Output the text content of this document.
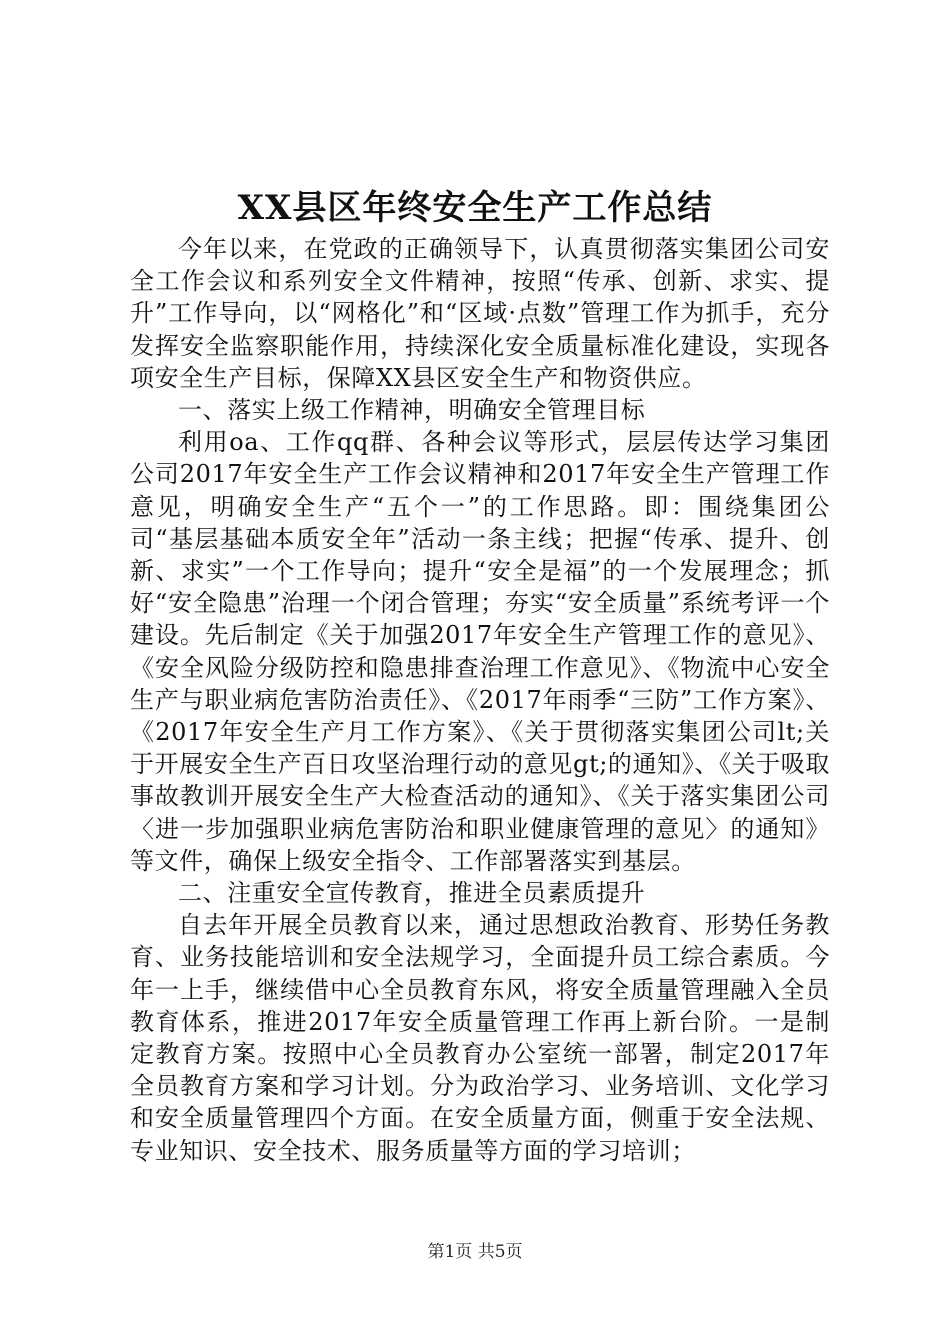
XX县区年终安全生产工作总结

今年以来，在党政的正确领导下，认真贯彻落实集团公司安全工作会议和系列安全文件精神，按照“传承、创新、求实、提升”工作导向，以“网格化”和“区域·点数”管理工作为抓手，充分发挥安全监察职能作用，持续深化安全质量标准化建设，实现各项安全生产目标，保障XX县区安全生产和物资供应。

一、落实上级工作精神，明确安全管理目标

利用oa、工作qq群、各种会议等形式，层层传达学习集团公司2017年安全生产工作会议精神和2017年安全生产管理工作意见，明确安全生产“五个一”的工作思路。即：围绕集团公司“基层基础本质安全年”活动一条主线；把握“传承、提升、创新、求实”一个工作导向；提升“安全是福”的一个发展理念；抓好“安全隐患”治理一个闭合管理；夯实“安全质量”系统考评一个建设。先后制定《关于加强2017年安全生产管理工作的意见》、《安全风险分级防控和隐患排查治理工作意见》、《物流中心安全生产与职业病危害防治责任》、《2017年雨季“三防”工作方案》、《2017年安全生产月工作方案》、《关于贯彻落实集团公司lt;关于开展安全生产百日攻坚治理行动的意见gt;的通知》、《关于吸取事故教训开展安全生产大检查活动的通知》、《关于落实集团公司〈进一步加强职业病危害防治和职业健康管理的意见〉的通知》等文件，确保上级安全指令、工作部署落实到基层。

二、注重安全宣传教育，推进全员素质提升

自去年开展全员教育以来，通过思想政治教育、形势任务教育、业务技能培训和安全法规学习，全面提升员工综合素质。今年一上手，继续借中心全员教育东风，将安全质量管理融入全员教育体系，推进2017年安全质量管理工作再上新台阶。一是制定教育方案。按照中心全员教育办公室统一部署，制定2017年全员教育方案和学习计划。分为政治学习、业务培训、文化学习和安全质量管理四个方面。在安全质量方面，侧重于安全法规、专业知识、安全技术、服务质量等方面的学习培训；

第1页 共5页
